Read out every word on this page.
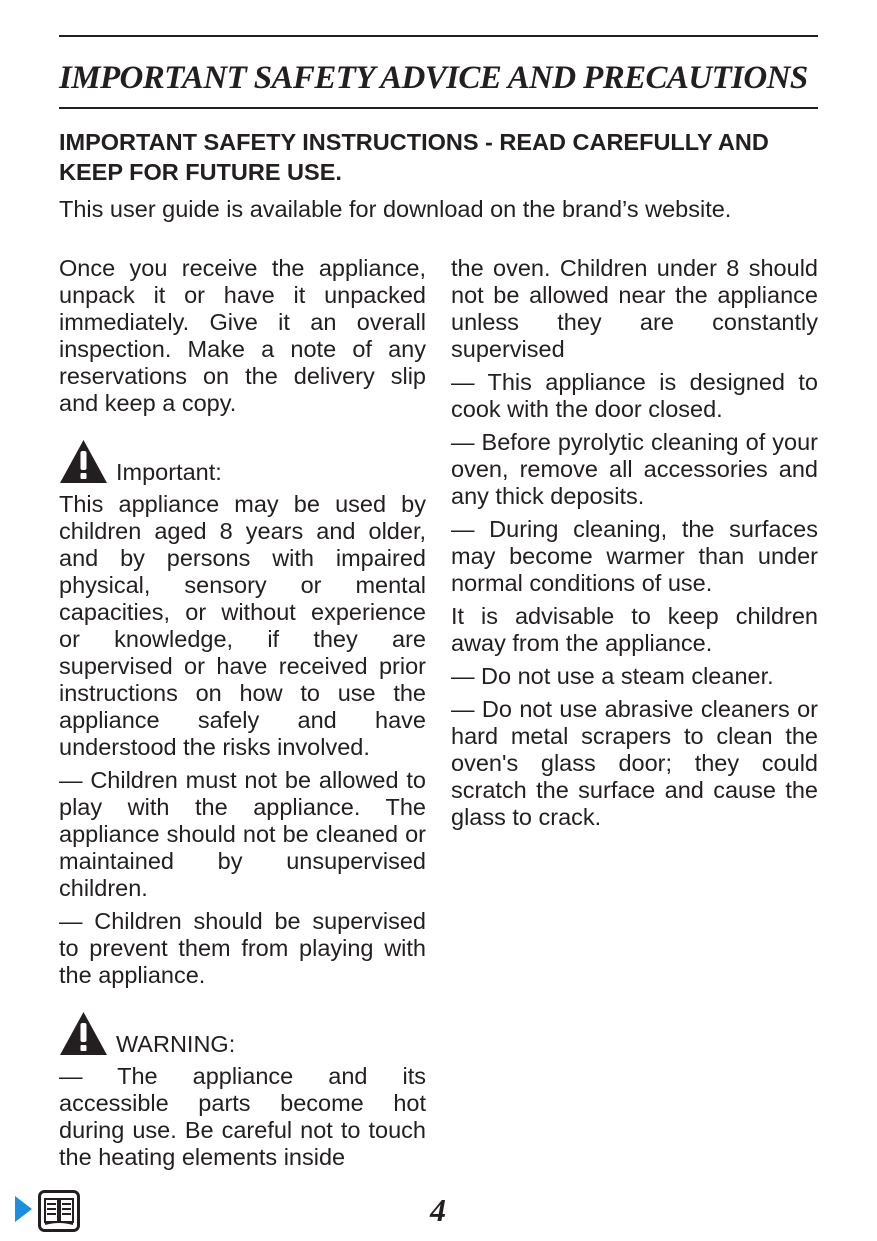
IMPORTANT SAFETY ADVICE AND PRECAUTIONS

IMPORTANT SAFETY INSTRUCTIONS - READ CAREFULLY AND KEEP FOR FUTURE USE.

This user guide is available for download on the brand’s website.

Once you receive the appliance, unpack it or have it unpacked immediately. Give it an overall inspection. Make a note of any reservations on the delivery slip and keep a copy.

Important:

This appliance may be used by children aged 8 years and older, and by persons with impaired physical, sensory or mental capacities, or without experience or knowledge, if they are supervised or have received prior instructions on how to use the appliance safely and have understood the risks involved.

— Children must not be allowed to play with the appliance. The appliance should not be cleaned or maintained by unsupervised children.

— Children should be supervised to prevent them from playing with the appliance.

WARNING:

— The appliance and its accessible parts become hot during use. Be careful not to touch the heating elements inside

the oven. Children under 8 should not be allowed near the appliance unless they are constantly supervised

— This appliance is designed to cook with the door closed.

— Before pyrolytic cleaning of your oven, remove all accessories and any thick deposits.

— During cleaning, the surfaces may become warmer than under normal conditions of use.

It is advisable to keep children away from the appliance.

— Do not use a steam cleaner.

— Do not use abrasive cleaners or hard metal scrapers to clean the oven's glass door; they could scratch the surface and cause the glass to crack.

4
